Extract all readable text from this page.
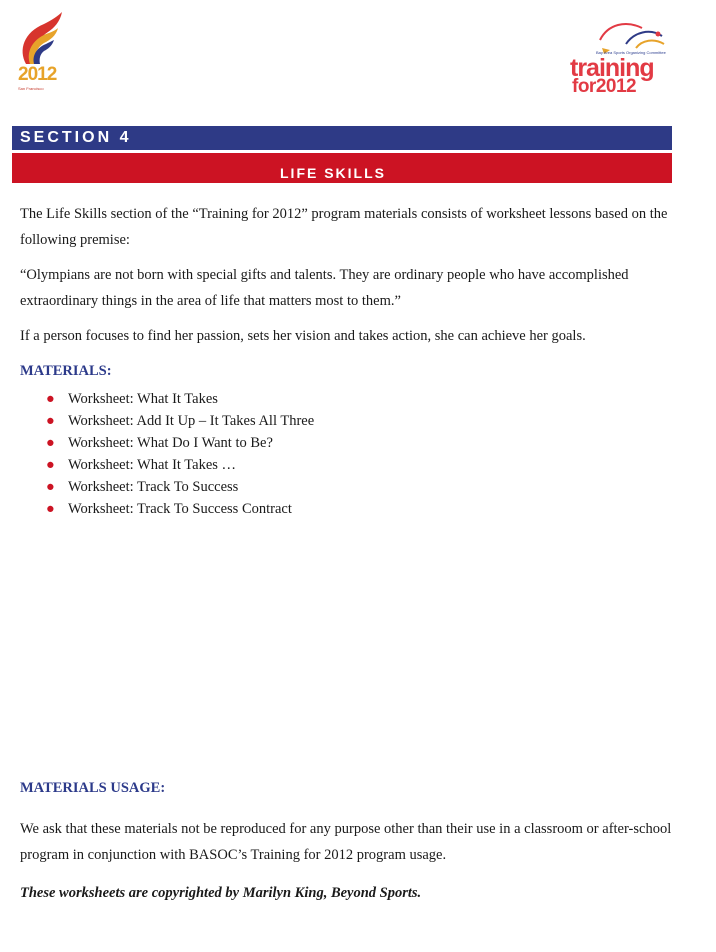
2012
San Francisco
Bay Area Sports Organizing Committee
training
for2012
SECTION 4
LIFE SKILLS

The Life Skills section of the “Training for 2012” program materials consists of worksheet lessons based on the following premise:

“Olympians are not born with special gifts and talents. They are ordinary people who have accomplished extraordinary things in the area of life that matters most to them.”

If a person focuses to find her passion, sets her vision and takes action, she can achieve her goals.

MATERIALS:
● Worksheet: What It Takes
● Worksheet: Add It Up – It Takes All Three
● Worksheet: What Do I Want to Be?
● Worksheet: What It Takes …
● Worksheet: Track To Success
● Worksheet: Track To Success Contract
MATERIALS USAGE:
We ask that these materials not be reproduced for any purpose other than their use in a classroom or after-school program in conjunction with BASOC’s Training for 2012 program usage.
These worksheets are copyrighted by Marilyn King, Beyond Sports.
